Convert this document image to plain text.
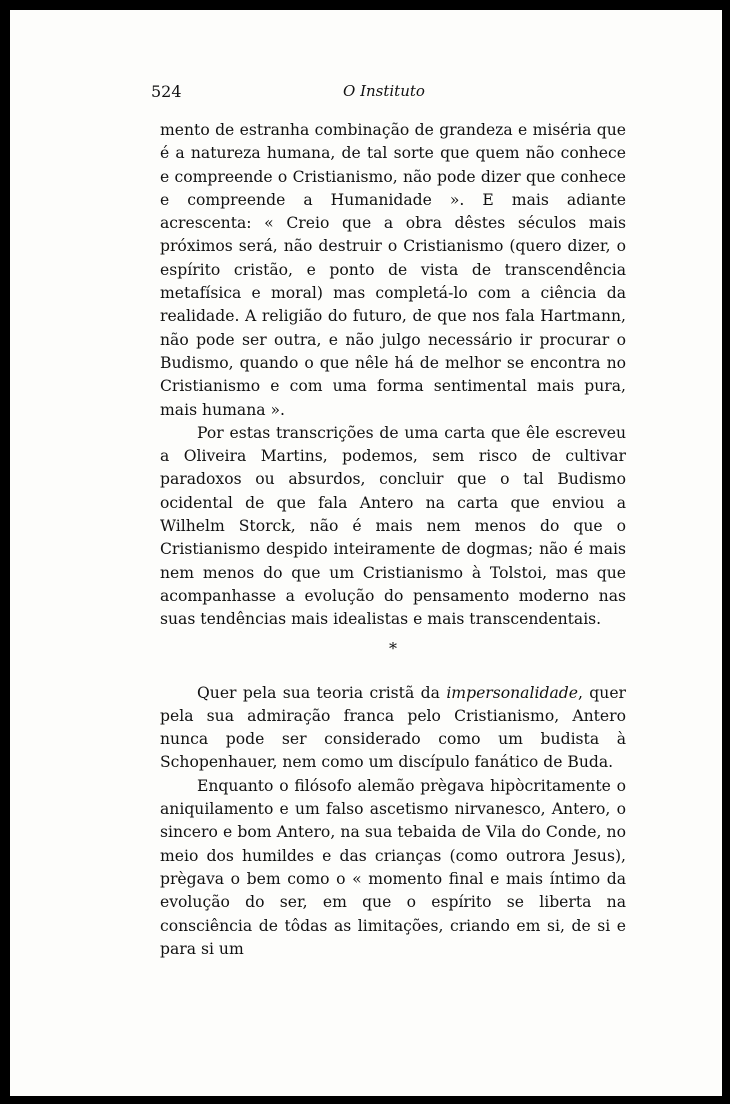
524	O Instituto

mento de estranha combinação de grandeza e miséria que é a natureza humana, de tal sorte que quem não conhece e compreende o Cristianismo, não pode dizer que conhece e compreende a Humanidade ». E mais adiante acrescenta: « Creio que a obra dêstes séculos mais próximos será, não destruir o Cristianismo (quero dizer, o espírito cristão, e ponto de vista de transcendência metafísica e moral) mas completá-lo com a ciência da realidade. A religião do futuro, de que nos fala Hartmann, não pode ser outra, e não julgo necessário ir procurar o Budismo, quando o que nêle há de melhor se encontra no Cristianismo e com uma forma sentimental mais pura, mais humana ».

Por estas transcrições de uma carta que êle escreveu a Oliveira Martins, podemos, sem risco de cultivar paradoxos ou absurdos, concluir que o tal Budismo ocidental de que fala Antero na carta que enviou a Wilhelm Storck, não é mais nem menos do que o Cristianismo despido inteiramente de dogmas; não é mais nem menos do que um Cristianismo à Tolstoi, mas que acompanhasse a evolução do pensamento moderno nas suas tendências mais idealistas e mais transcendentais.

*

Quer pela sua teoria cristã da impersonalidade, quer pela sua admiração franca pelo Cristianismo, Antero nunca pode ser considerado como um budista à Schopenhauer, nem como um discípulo fanático de Buda.

Enquanto o filósofo alemão prègava hipòcritamente o aniquilamento e um falso ascetismo nirvanesco, Antero, o sincero e bom Antero, na sua tebaida de Vila do Conde, no meio dos humildes e das crianças (como outrora Jesus), prègava o bem como o « momento final e mais íntimo da evolução do ser, em que o espírito se liberta na consciência de tôdas as limitações, criando em si, de si e para si um
